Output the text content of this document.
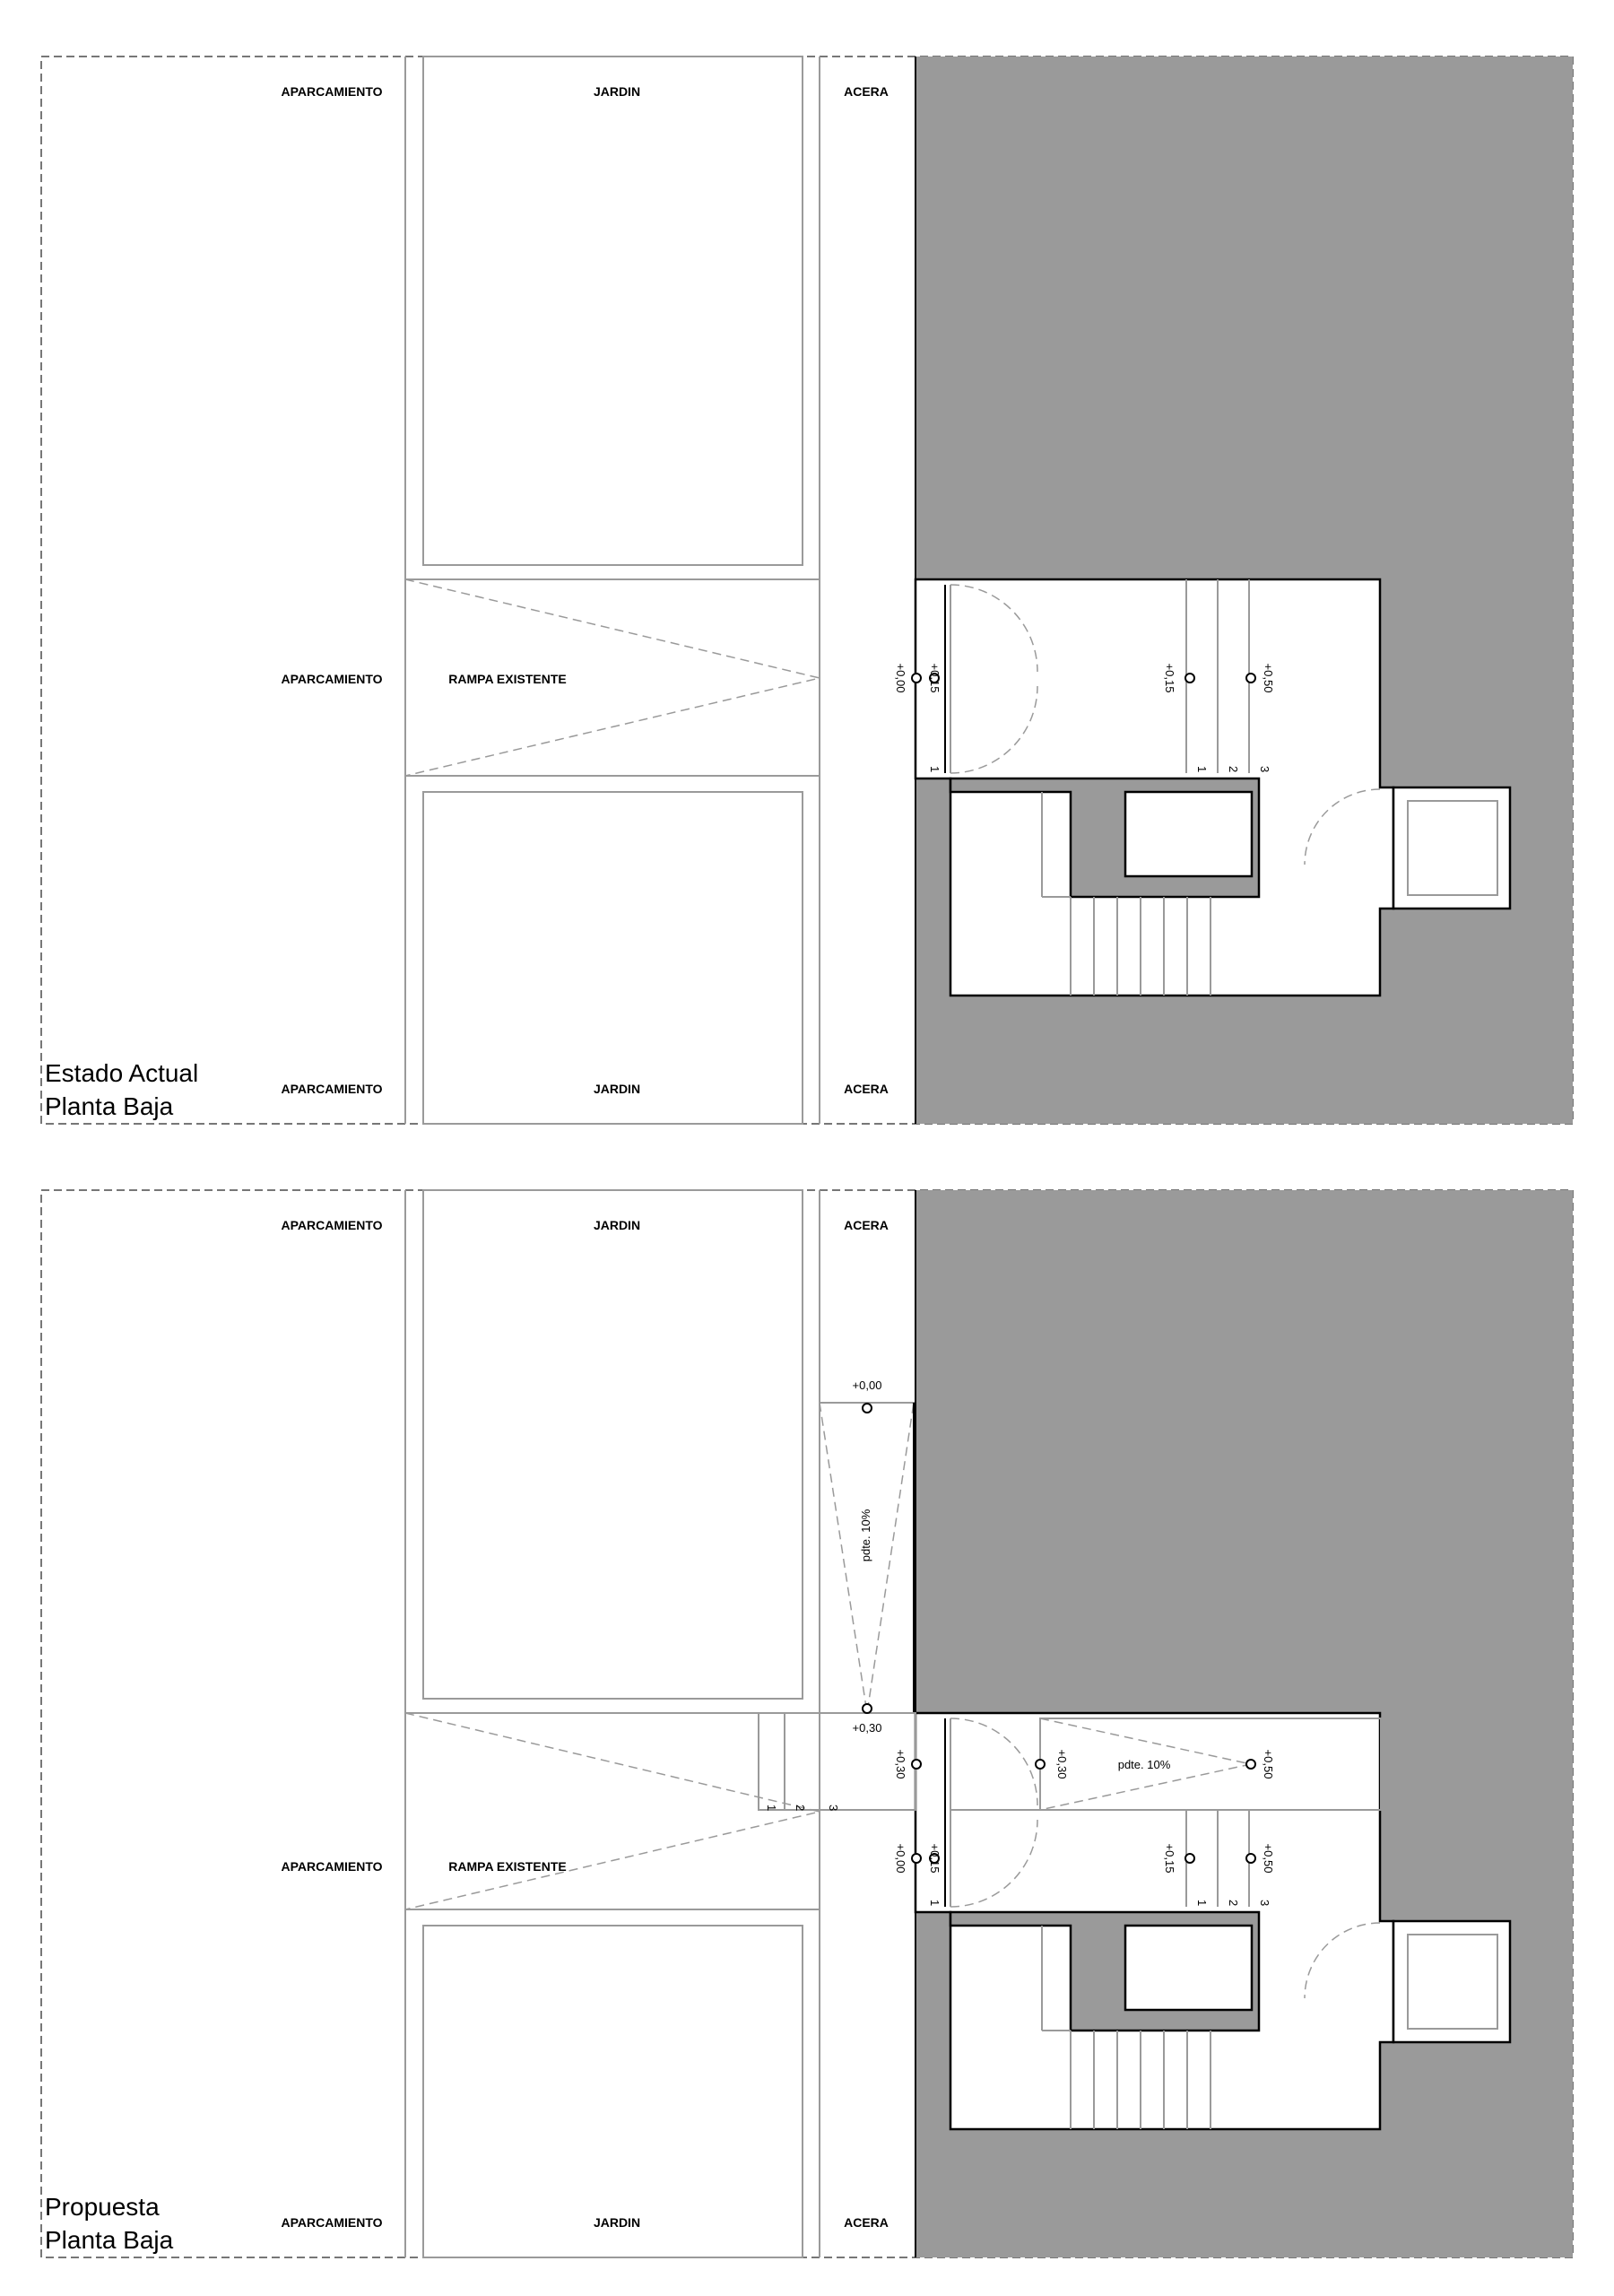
APARCAMIENTO	JARDIN	ACERA
APARCAMIENTO	RAMPA EXISTENTE
APARCAMIENTO	JARDIN	ACERA
+0,00 +0,15	+0,15	+0,50
1	1 2 3
Estado Actual
Planta Baja
APARCAMIENTO	JARDIN	ACERA
APARCAMIENTO	RAMPA EXISTENTE
APARCAMIENTO	JARDIN	ACERA
+0,00
pdte. 10%
+0,30
1 2 3
+0,30	+0,30	pdte. 10%	+0,50
+0,00 +0,15	+0,15	+0,50
1	1 2 3
Propuesta
Planta Baja
